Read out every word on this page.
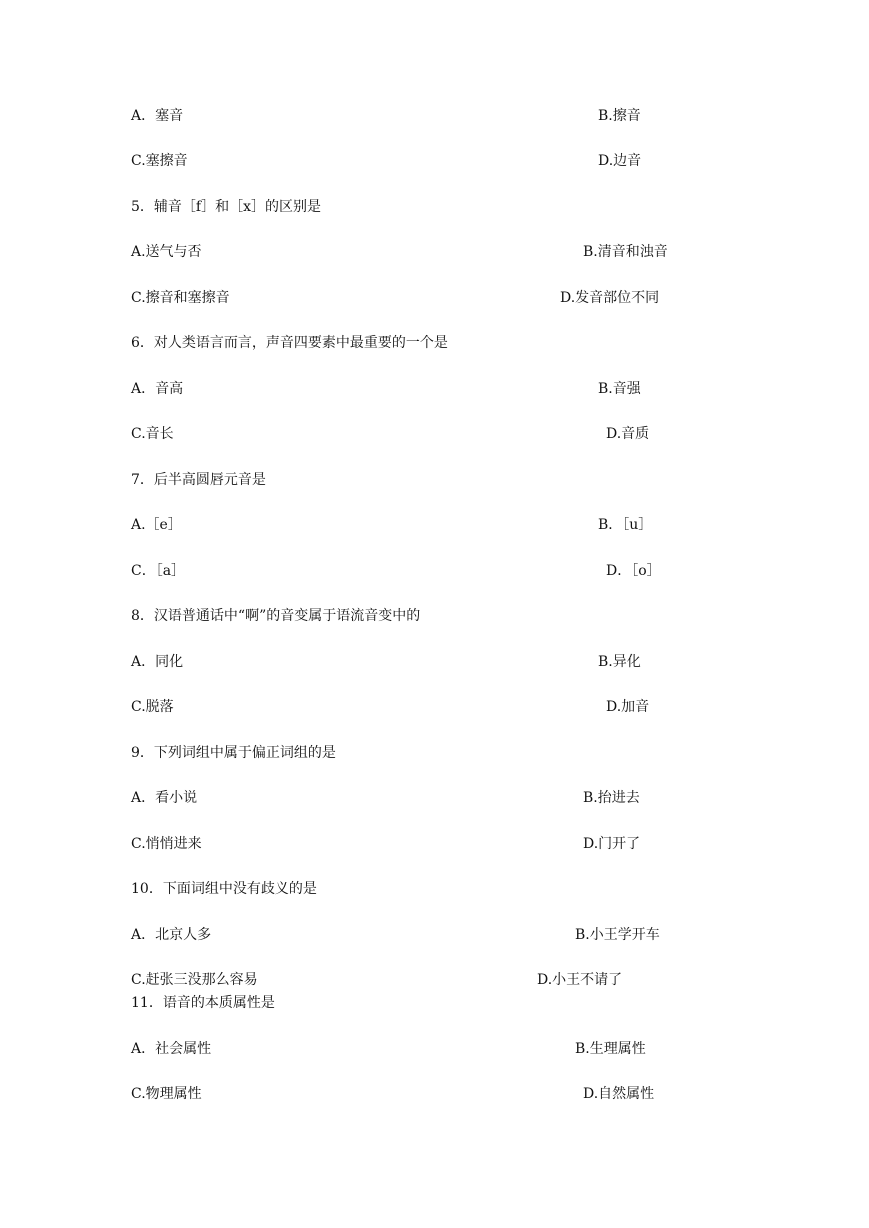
A．塞音	B.擦音
C.塞擦音	D.边音
5．辅音［f］和［x］的区别是
A.送气与否	B.清音和浊音
C.擦音和塞擦音	D.发音部位不同
6．对人类语言而言，声音四要素中最重要的一个是
A．音高	B.音强
C.音长	D.音质
7．后半高圆唇元音是
A.［e］	B．［u］
C．［a］	D．［o］
8．汉语普通话中“啊”的音变属于语流音变中的
A．同化	B.异化
C.脱落	D.加音
9．下列词组中属于偏正词组的是
A．看小说	B.抬进去
C.悄悄进来	D.门开了
10．下面词组中没有歧义的是
A．北京人多	B.小王学开车
C.赶张三没那么容易	D.小王不请了
11．语音的本质属性是
A．社会属性	B.生理属性
C.物理属性	D.自然属性
